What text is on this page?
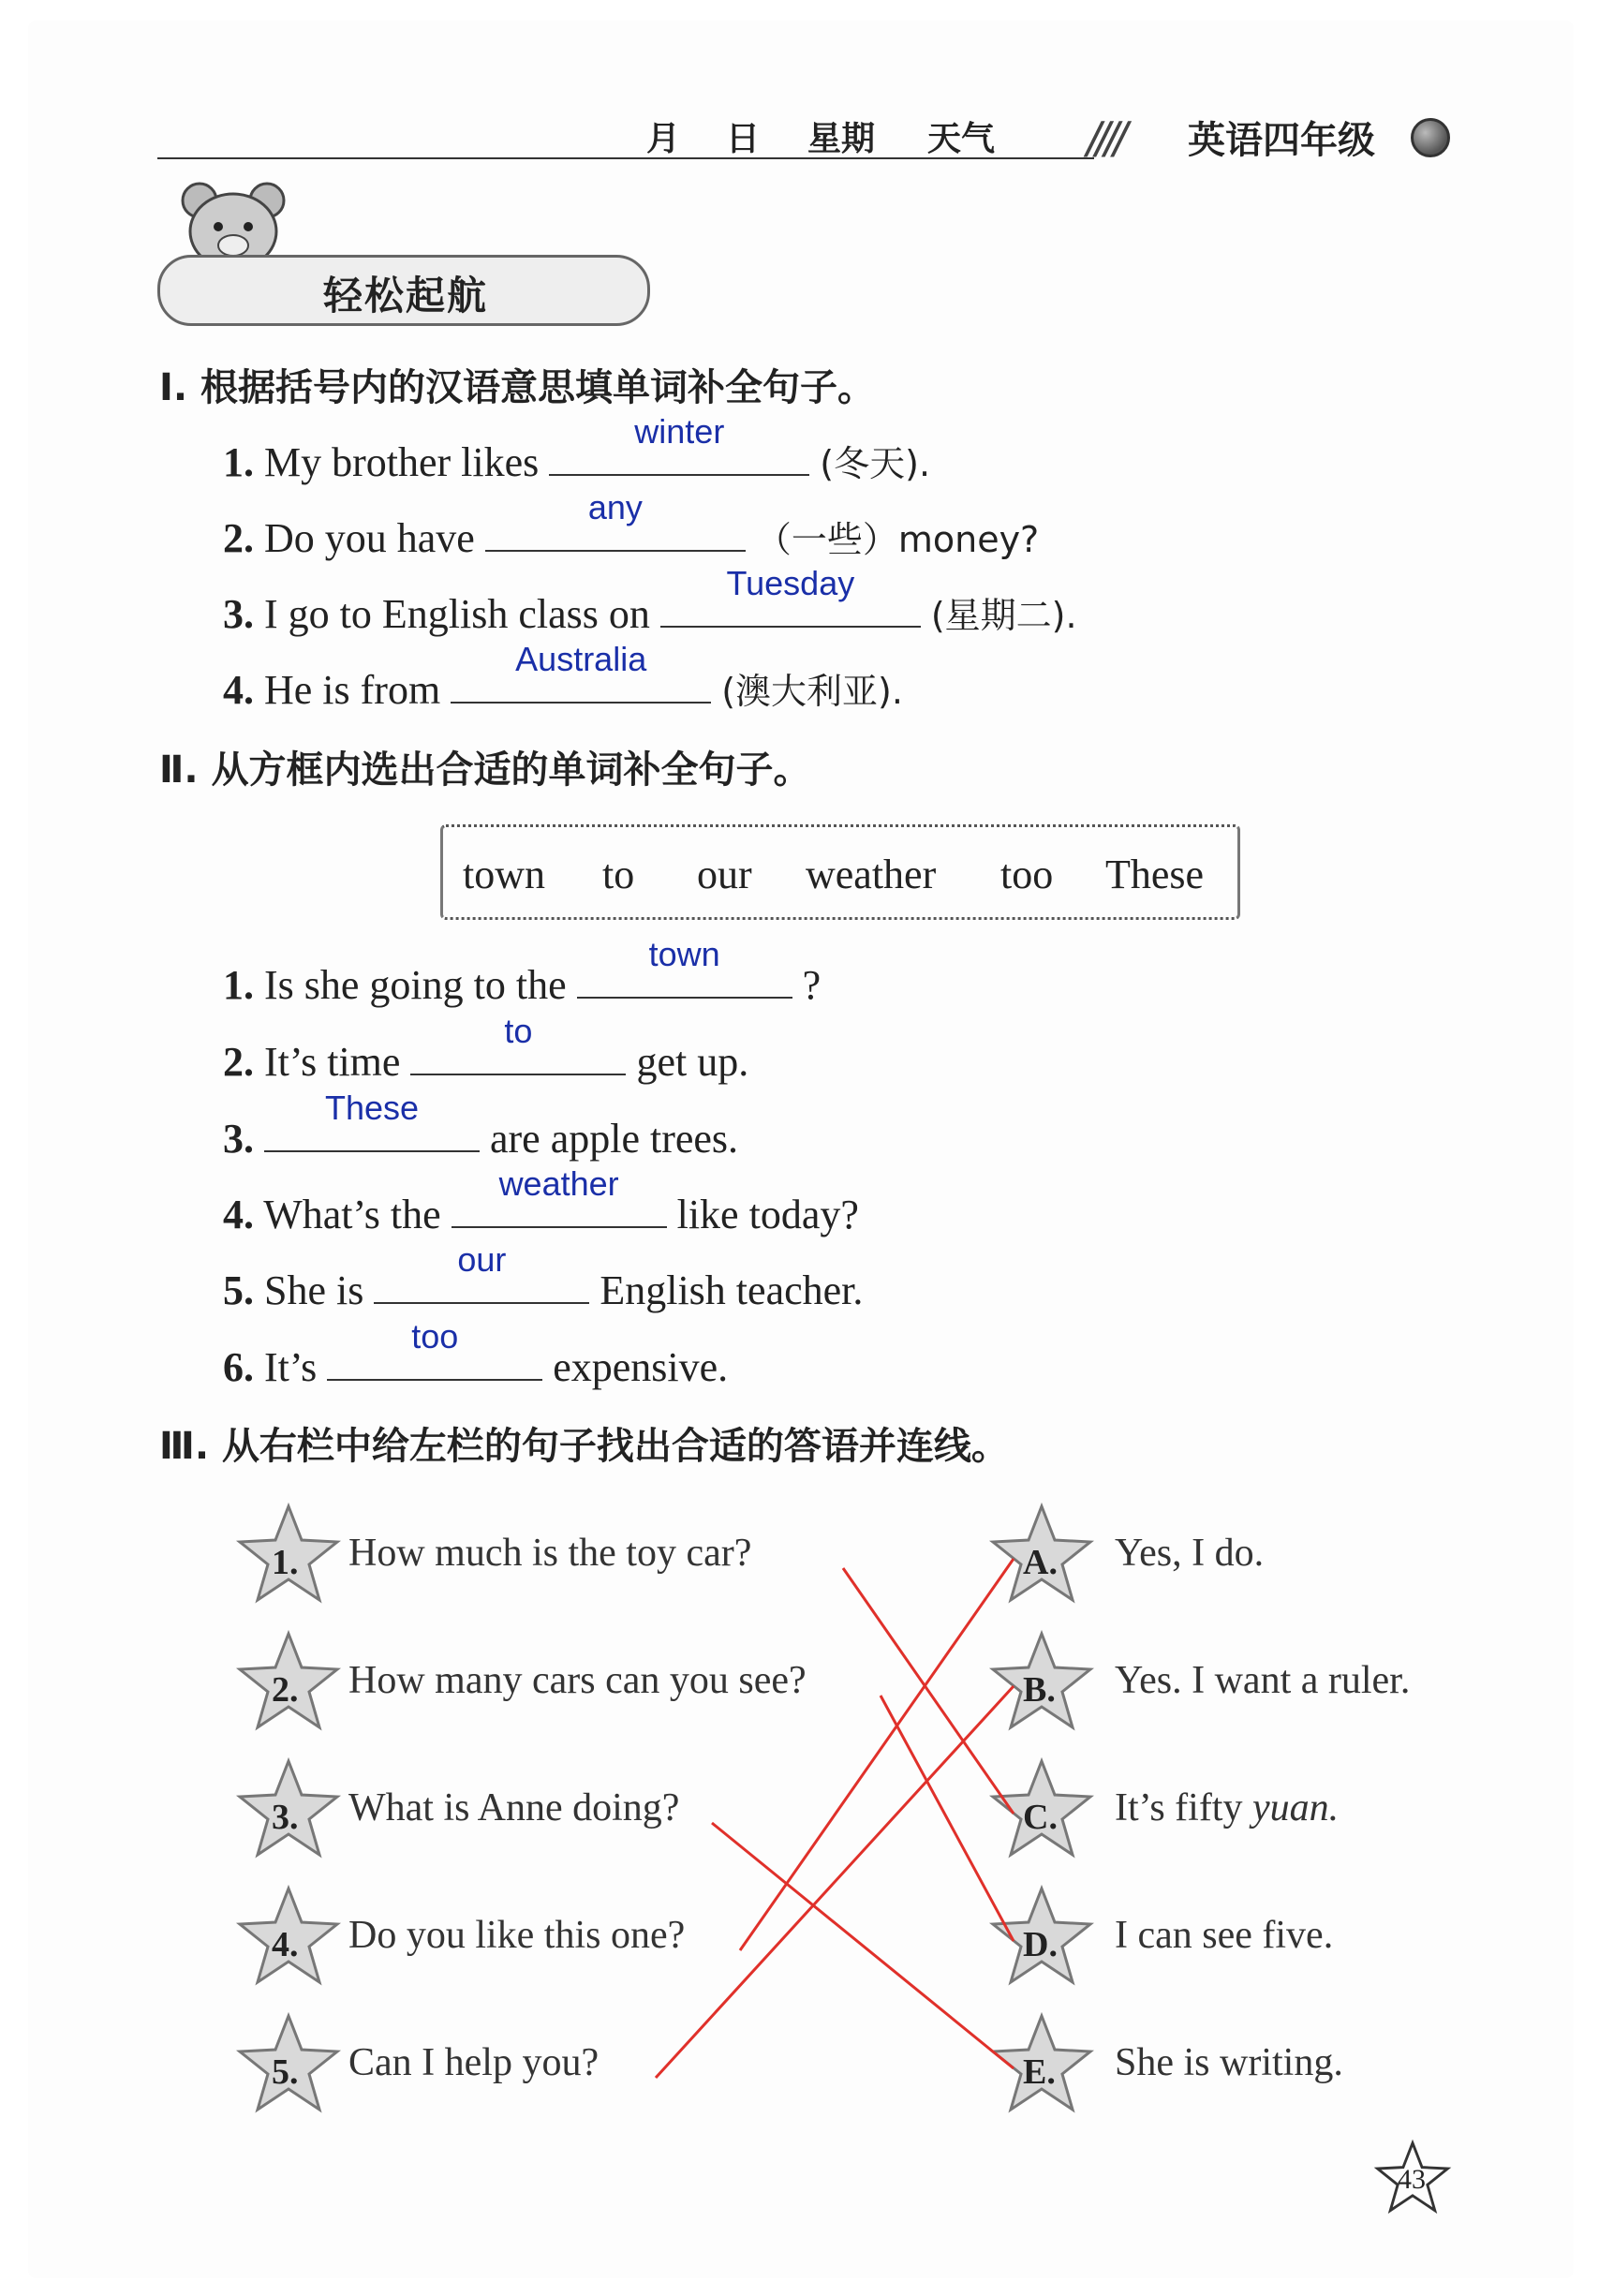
月 日 星期 天气 //// 英语四年级
轻松起航
Ⅰ. 根据括号内的汉语意思填单词补全句子。
1. My brother likes
winter
(冬天).
2. Do you have
any
（一些）money?
3. I go to English class on
Tuesday
(星期二).
4. He is from
Australia
(澳大利亚).
Ⅱ. 从方框内选出合适的单词补全句子。
town to our weather too These
1. Is she going to the
town
?
2. It’s time
to
get up.
3.
These
are apple trees.
4. What’s the
weather
like today?
5. She is
our
English teacher.
6. It’s
too
expensive.
Ⅲ. 从右栏中给左栏的句子找出合适的答语并连线。
43
1. How much is the toy car?
2. How many cars can you see?
3. What is Anne doing?
4. Do you like this one?
5. Can I help you?
A. Yes, I do.
B. Yes. I want a ruler.
C. It’s fifty yuan.
D. I can see five.
E. She is writing.
